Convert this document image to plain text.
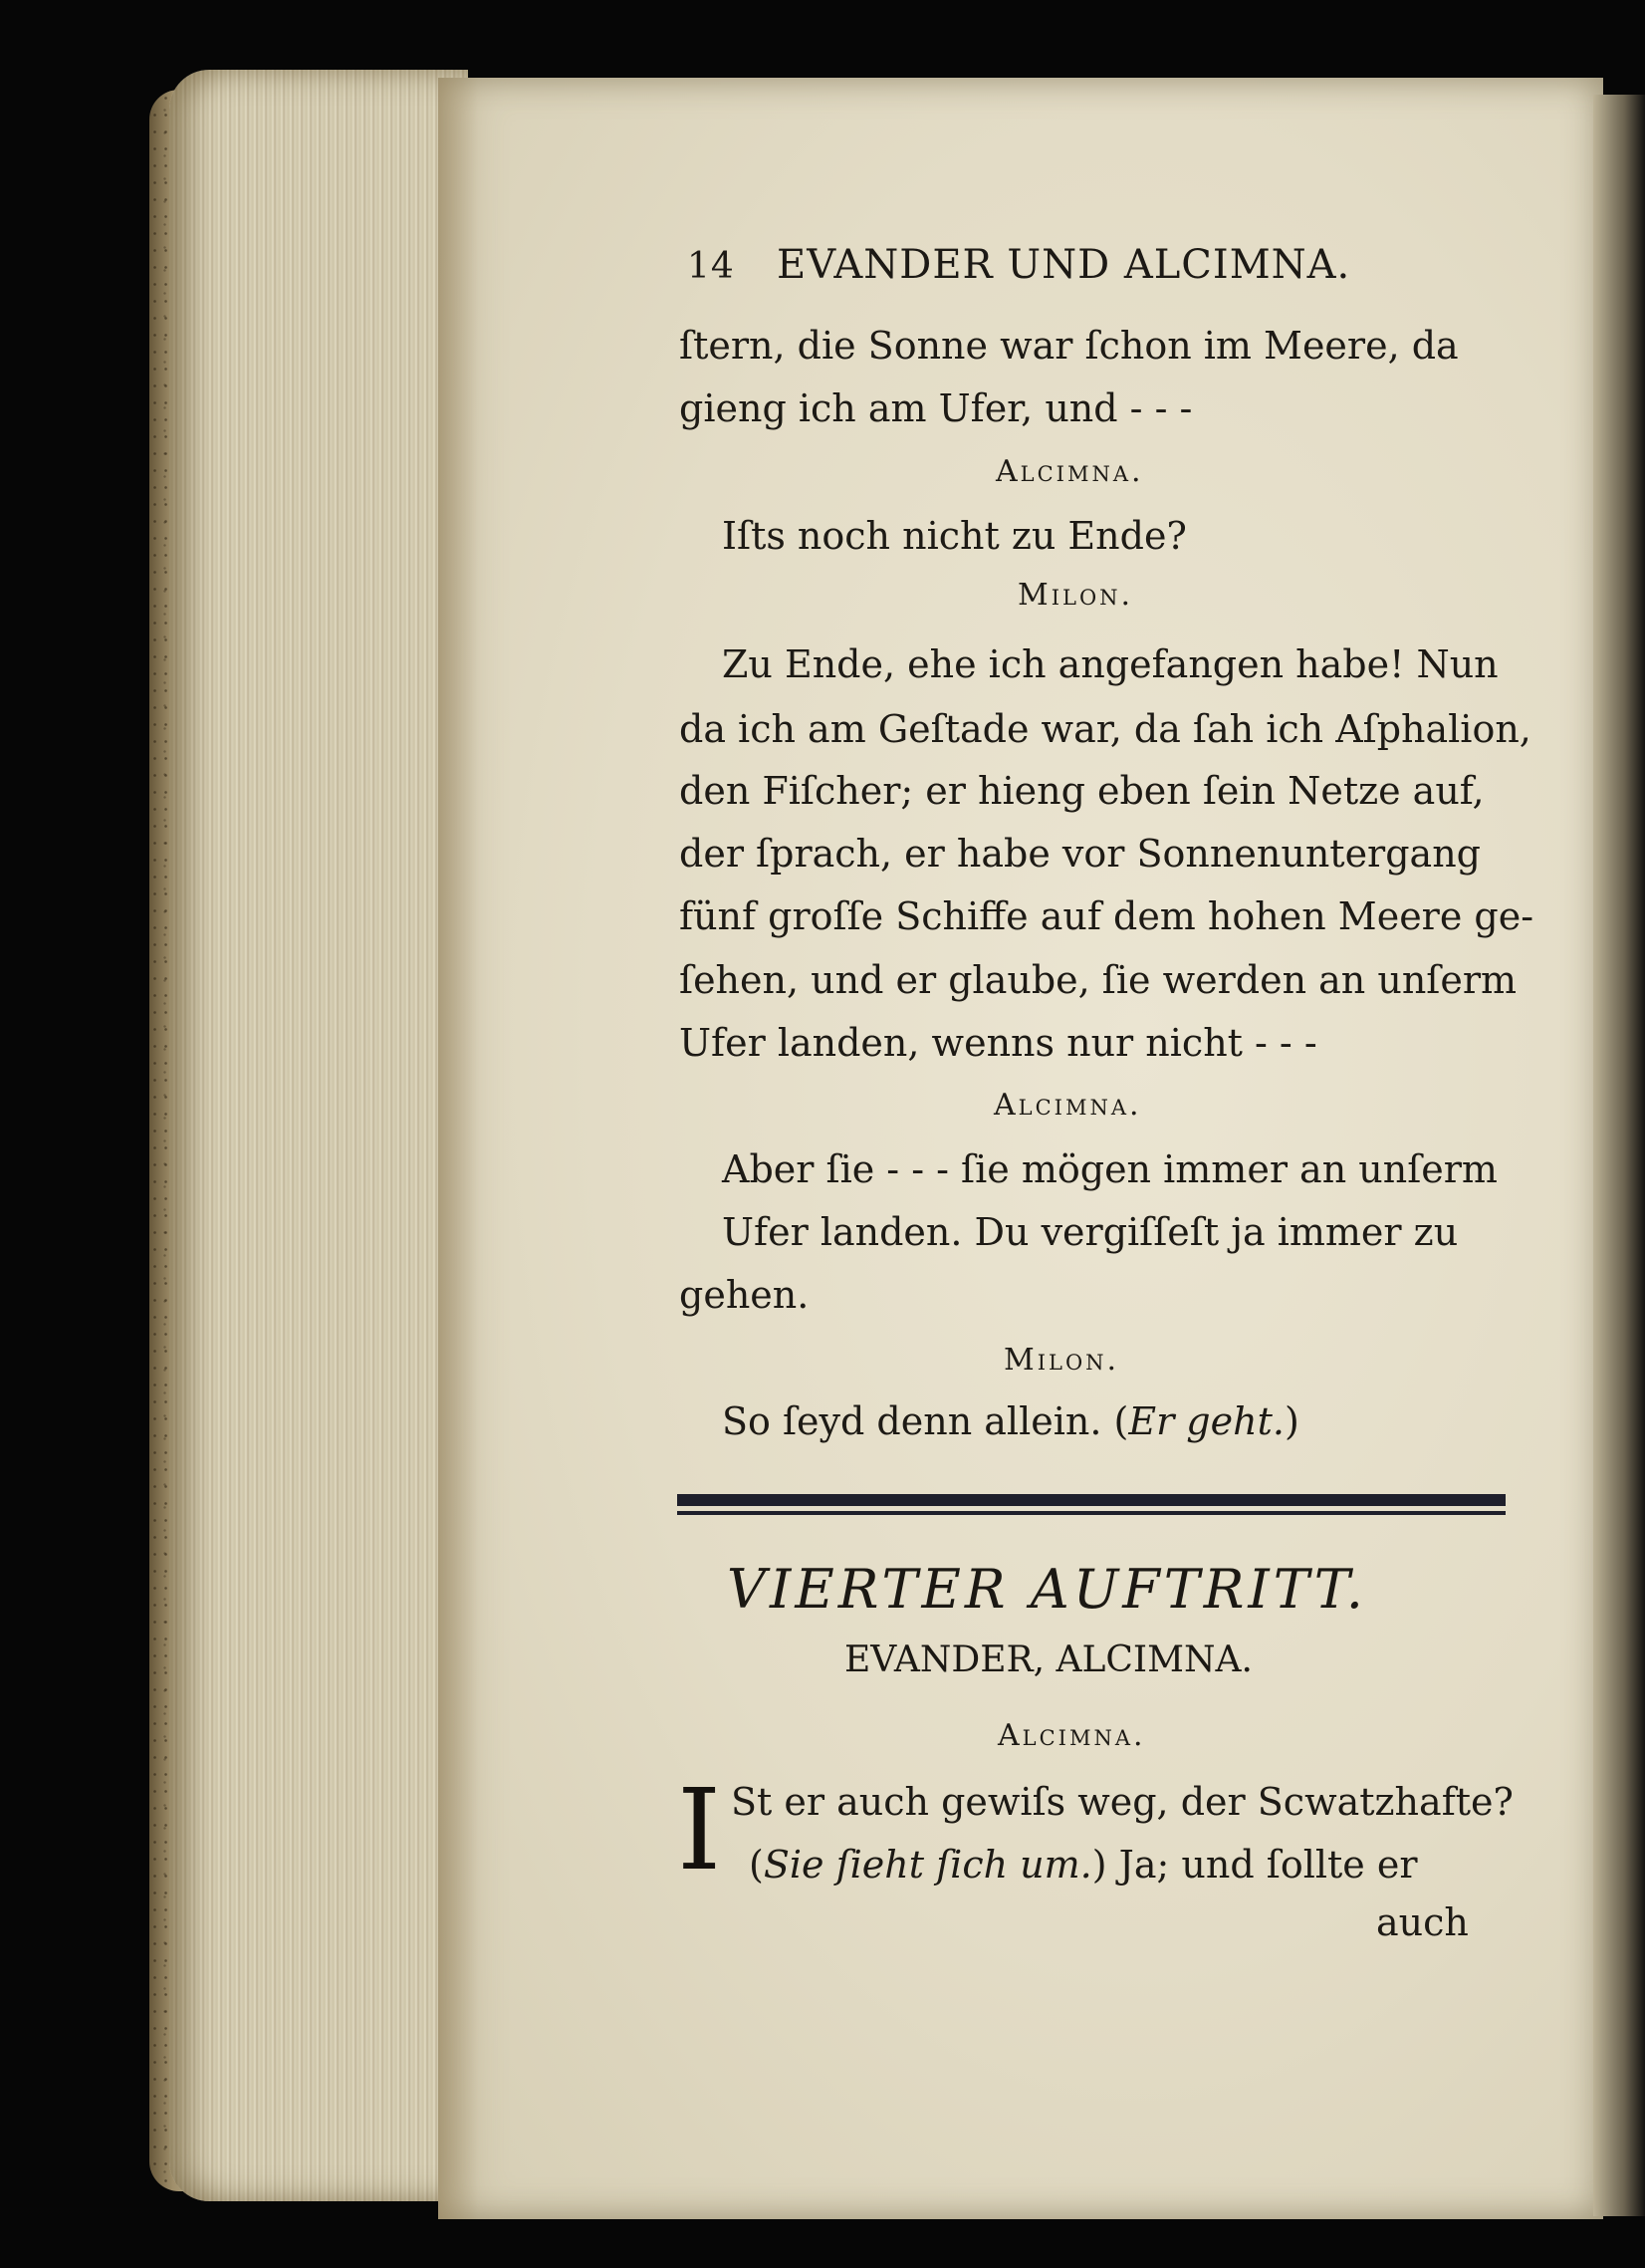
14 EVANDER UND ALCIMNA.
ſtern, die Sonne war ſchon im Meere, da
gieng ich am Ufer, und - - -
Alcimna.
Iſts noch nicht zu Ende?
Milon.
Zu Ende, ehe ich angefangen habe! Nun
da ich am Geſtade war, da ſah ich Aſphalion,
den Fiſcher; er hieng eben ſein Netze auf,
der ſprach, er habe vor Sonnenuntergang
fünf groſſe Schiffe auf dem hohen Meere ge-
ſehen, und er glaube, ſie werden an unſerm
Ufer landen, wenns nur nicht - - -
Alcimna.
Aber ſie - - - ſie mögen immer an unſerm
Ufer landen. Du vergiſſeſt ja immer zu
gehen.
Milon.
So ſeyd denn allein. (Er geht.)
VIERTER AUFTRITT.
EVANDER, ALCIMNA.
Alcimna.
I St er auch gewiſs weg, der Scwatzhafte?
(Sie ſieht ſich um.) Ja; und ſollte er
auch
